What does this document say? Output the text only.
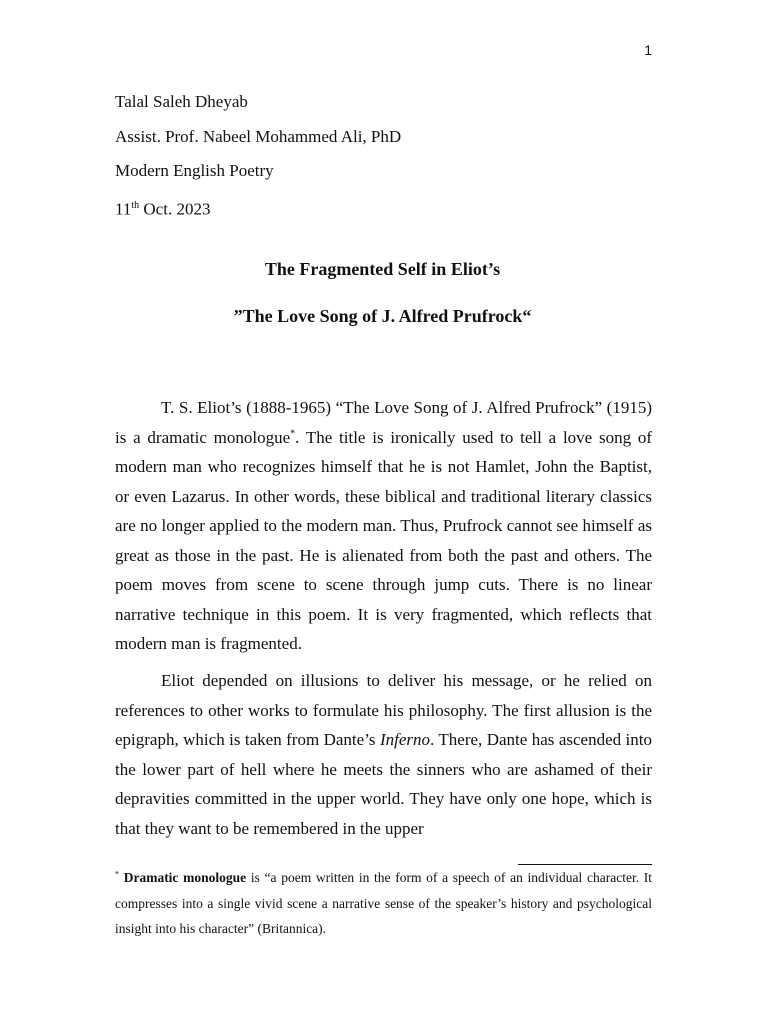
1
Talal Saleh Dheyab
Assist. Prof. Nabeel Mohammed Ali, PhD
Modern English Poetry
11th Oct. 2023
The Fragmented Self in Eliot’s
”The Love Song of J. Alfred Prufrock“

T. S. Eliot’s (1888-1965) “The Love Song of J. Alfred Prufrock” (1915) is a dramatic monologue*. The title is ironically used to tell a love song of modern man who recognizes himself that he is not Hamlet, John the Baptist, or even Lazarus. In other words, these biblical and traditional literary classics are no longer applied to the modern man. Thus, Prufrock cannot see himself as great as those in the past. He is alienated from both the past and others. The poem moves from scene to scene through jump cuts. There is no linear narrative technique in this poem. It is very fragmented, which reflects that modern man is fragmented.

Eliot depended on illusions to deliver his message, or he relied on references to other works to formulate his philosophy. The first allusion is the epigraph, which is taken from Dante’s Inferno. There, Dante has ascended into the lower part of hell where he meets the sinners who are ashamed of their depravities committed in the upper world. They have only one hope, which is that they want to be remembered in the upper

* Dramatic monologue is “a poem written in the form of a speech of an individual character. It compresses into a single vivid scene a narrative sense of the speaker’s history and psychological insight into his character” (Britannica).
